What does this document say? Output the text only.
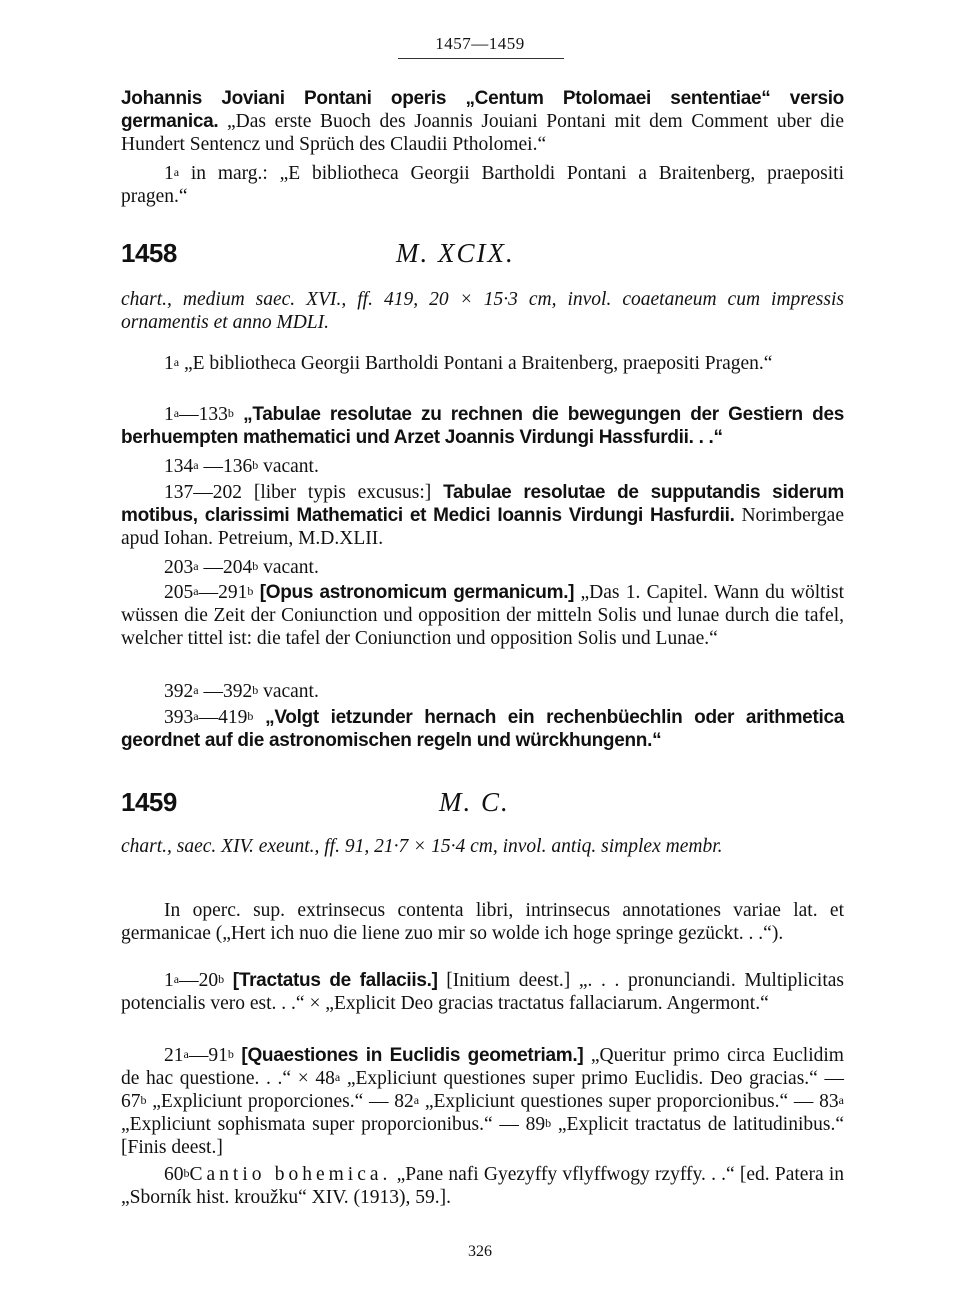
1457—1459
Johannis Joviani Pontani operis „Centum Ptolomaei sententiae“ versio germanica. „Das erste Buoch des Joannis Jouiani Pontani mit dem Comment uber die Hundert Sentencz und Sprüch des Claudii Ptholomei.“
1$^a$ in marg.: „E bibliotheca Georgii Bartholdi Pontani a Braitenberg, praepositi pragen.“
1458	M. XCIX.
chart., medium saec. XVI., ff. 419, 20 × 15·3 cm, invol. coaetaneum cum impressis ornamentis et anno MDLI.
1$^a$ „E bibliotheca Georgii Bartholdi Pontani a Braitenberg, praepositi Pragen.“
1$^a$—133$^b$ „Tabulae resolutae zu rechnen die bewegungen der Gestiern des berhuempten mathematici und Arzet Joannis Virdungi Hassfurdii. . .“
134$^a$ —136$^b$ vacant.
137—202 [liber typis excusus:] Tabulae resolutae de supputandis siderum motibus, clarissimi Mathematici et Medici Ioannis Virdungi Hasfurdii. Norimbergae apud Iohan. Petreium, M.D.XLII.
203$^a$ —204$^b$ vacant.
205$^a$—291$^b$ [Opus astronomicum germanicum.] „Das 1. Capitel. Wann du wöltist wüssen die Zeit der Coniunction und opposition der mitteln Solis und lunae durch die tafel, welcher tittel ist: die tafel der Coniunction und opposition Solis und Lunae.“
392$^a$ —392$^b$ vacant.
393$^a$—419$^b$ „Volgt ietzunder hernach ein rechenbüechlin oder arithmetica geordnet auf die astronomischen regeln und würckhungenn.“
1459	M. C.
chart., saec. XIV. exeunt., ff. 91, 21·7 × 15·4 cm, invol. antiq. simplex membr.
In operc. sup. extrinsecus contenta libri, intrinsecus annotationes variae lat. et germanicae („Hert ich nuo die liene zuo mir so wolde ich hoge springe gezückt. . .“).
1$^a$—20$^b$ [Tractatus de fallaciis.] [Initium deest.] „. . . pronunciandi. Multiplicitas potencialis vero est. . .“ × „Explicit Deo gracias tractatus fallaciarum. Angermont.“
21$^a$—91$^b$ [Quaestiones in Euclidis geometriam.] „Queritur primo circa Euclidim de hac questione. . .“ × $48^a$ „Expliciunt questiones super primo Euclidis. Deo gracias.“ — 67$^b$ „Expliciunt proporciones.“ — 82$^a$ „Expliciunt questiones super proporcionibus.“ — 83$^a$ „Expliciunt sophismata super proporcionibus.“ — 89$^b$ „Explicit tractatus de latitudinibus.“ [Finis deest.]
60$^b$Cantio bohemica. „Pane nafi Gyezyffy vflyffwogy rzyffy. . .“ [ed. Patera in „Sborník hist. kroužku“ XIV. (1913), 59.].
326
